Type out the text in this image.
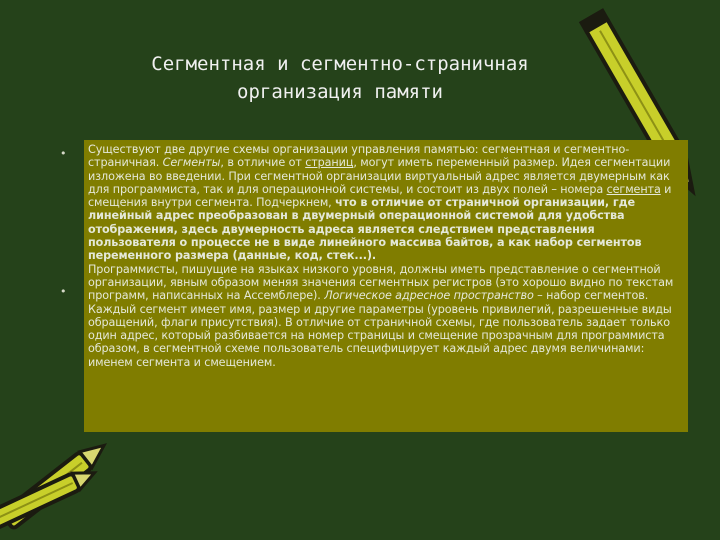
Сегментная и сегментно-страничная
организация памяти
•
•

Существуют две другие схемы организации управления памятью: сегментная и сегментно-страничная. Сегменты, в отличие от страниц, могут иметь переменный размер. Идея сегментации изложена во введении. При сегментной организации виртуальный адрес является двумерным как для программиста, так и для операционной системы, и состоит из двух полей – номера сегмента и смещения внутри сегмента. Подчеркнем, что в отличие от страничной организации, где линейный адрес преобразован в двумерный операционной системой для удобства отображения, здесь двумерность адреса является следствием представления пользователя о процессе не в виде линейного массива байтов, а как набор сегментов переменного размера (данные, код, стек...).

Программисты, пишущие на языках низкого уровня, должны иметь представление о сегментной организации, явным образом меняя значения сегментных регистров (это хорошо видно по текстам программ, написанных на Ассемблере). Логическое адресное пространство – набор сегментов. Каждый сегмент имеет имя, размер и другие параметры (уровень привилегий, разрешенные виды обращений, флаги присутствия). В отличие от страничной схемы, где пользователь задает только один адрес, который разбивается на номер страницы и смещение прозрачным для программиста образом, в сегментной схеме пользователь специфицирует каждый адрес двумя величинами: именем сегмента и смещением.
